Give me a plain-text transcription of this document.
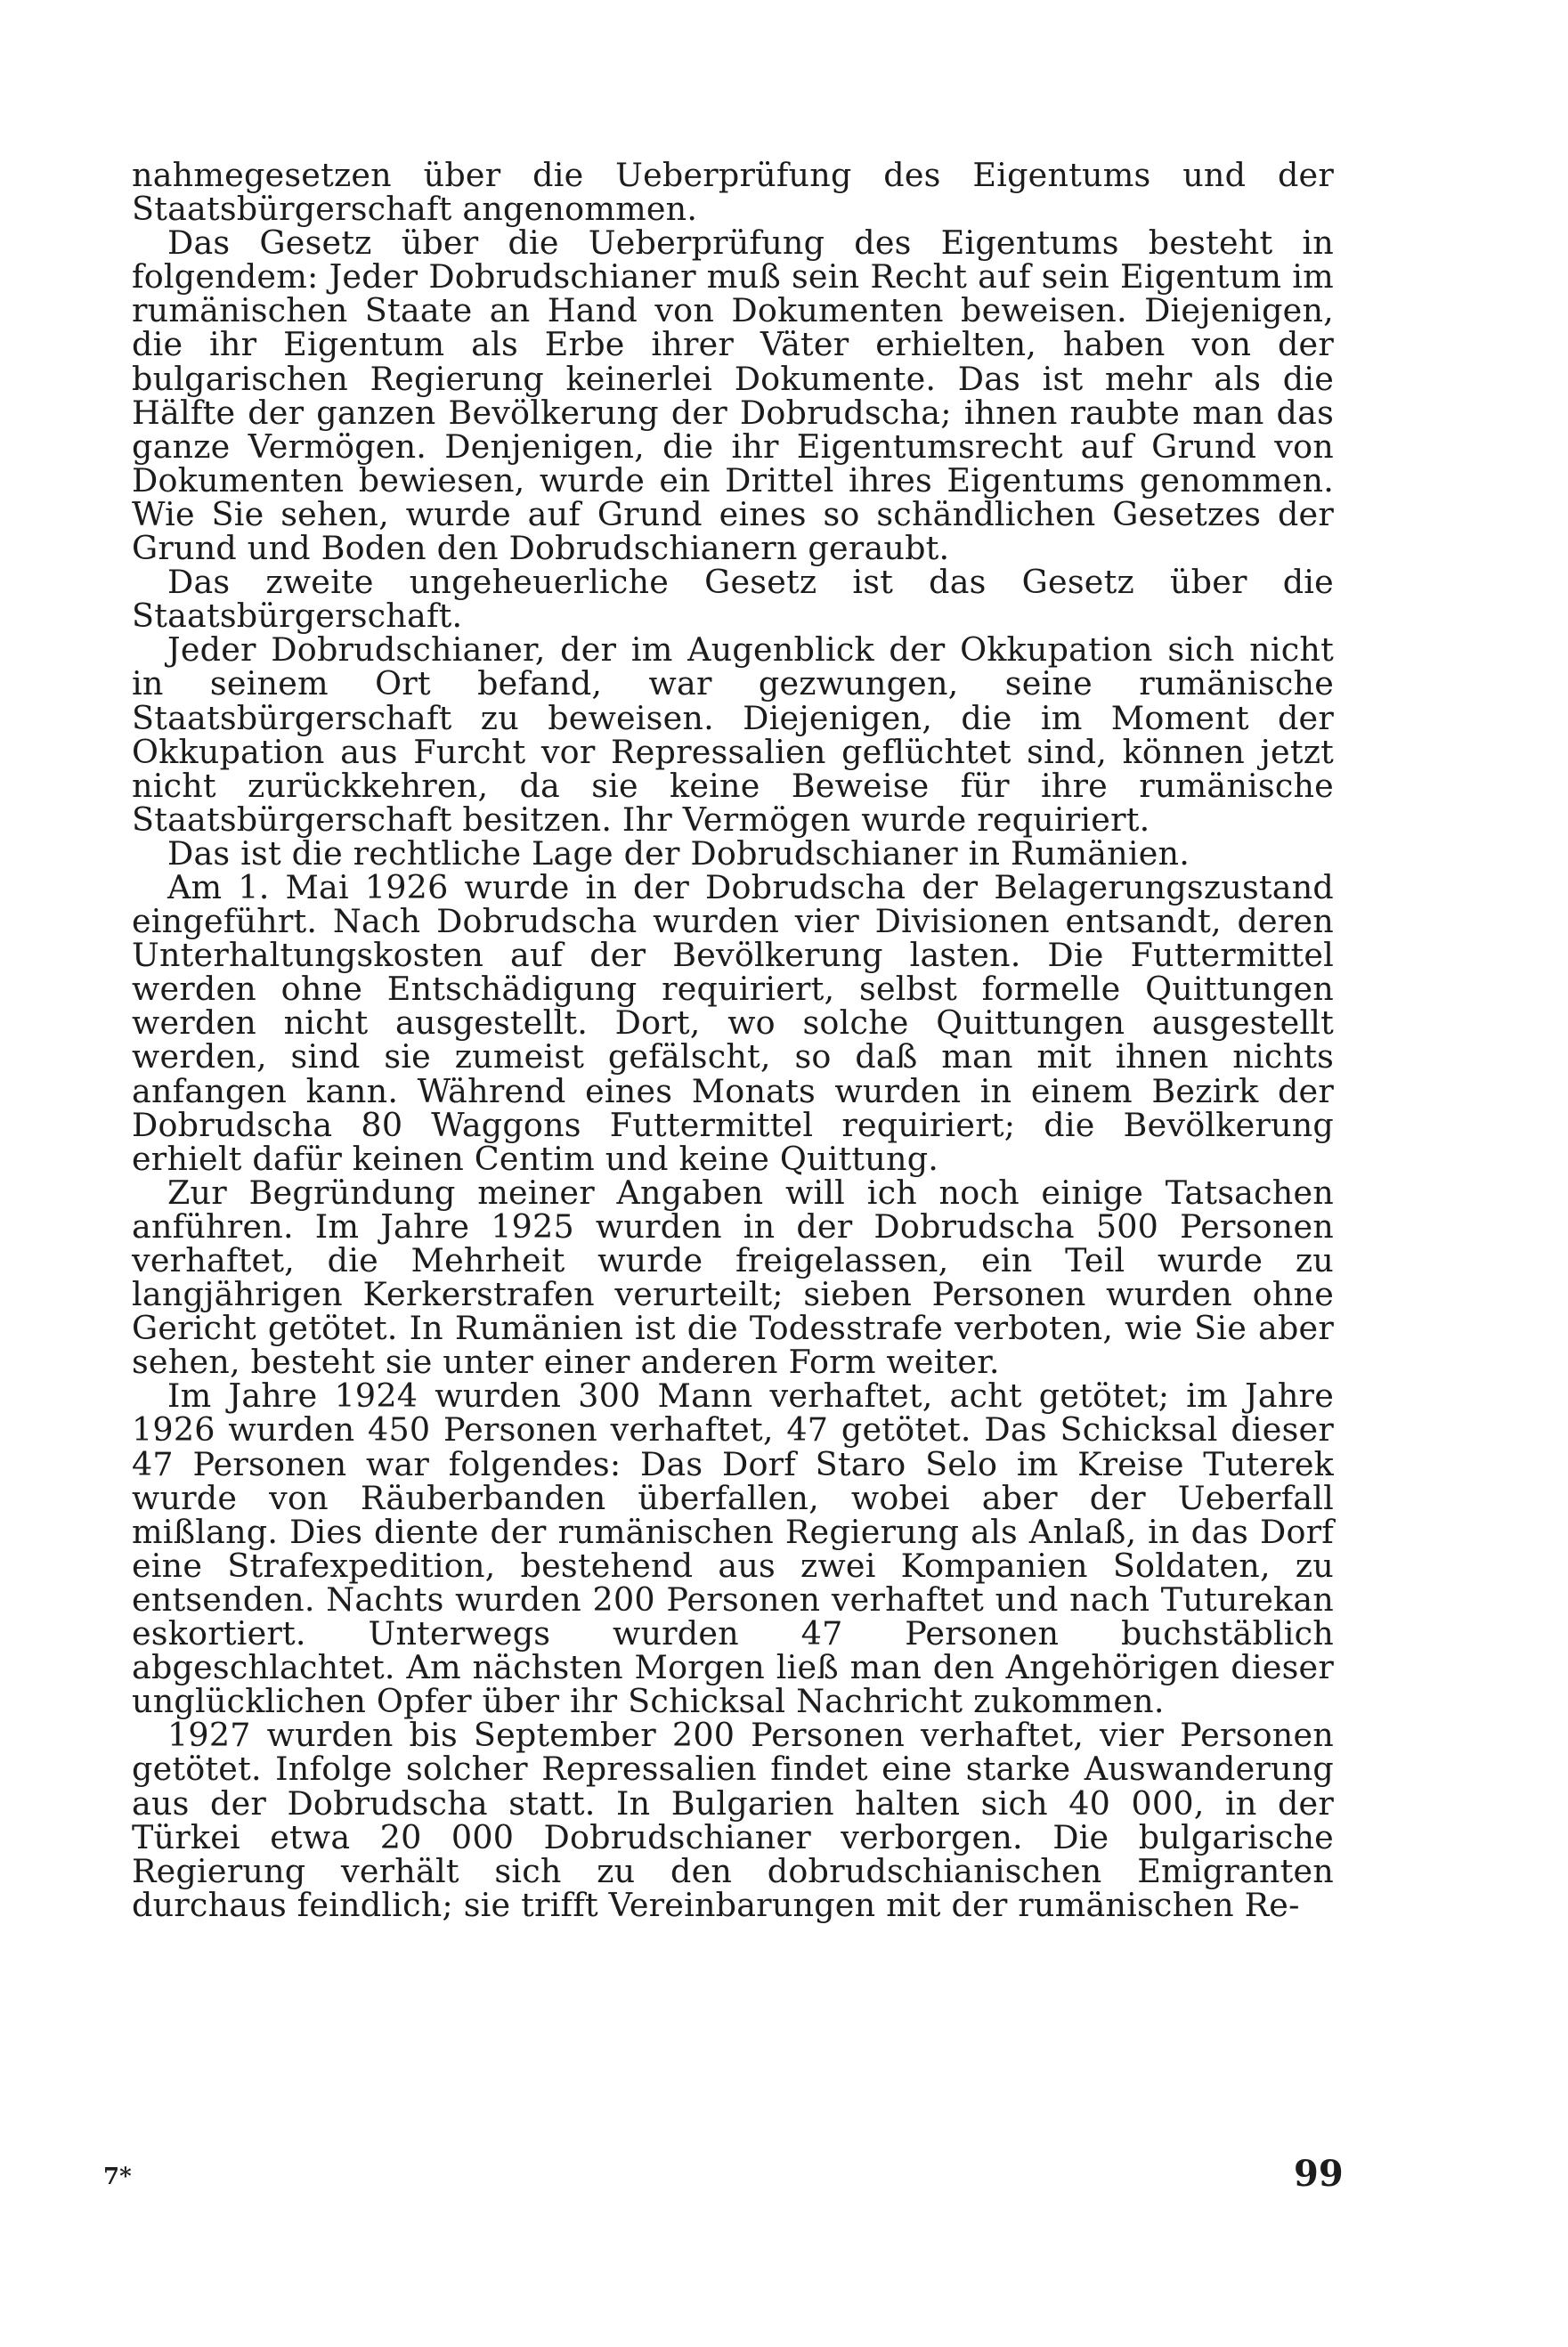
nahmegesetzen über die Ueberprüfung des Eigentums und der Staatsbürgerschaft angenommen.

Das Gesetz über die Ueberprüfung des Eigentums besteht in folgendem: Jeder Dobrudschianer muß sein Recht auf sein Eigentum im rumänischen Staate an Hand von Dokumenten beweisen. Diejenigen, die ihr Eigentum als Erbe ihrer Väter erhielten, haben von der bulgarischen Regierung keinerlei Dokumente. Das ist mehr als die Hälfte der ganzen Bevölkerung der Dobrudscha; ihnen raubte man das ganze Vermögen. Denjenigen, die ihr Eigentumsrecht auf Grund von Dokumenten bewiesen, wurde ein Drittel ihres Eigentums genommen. Wie Sie sehen, wurde auf Grund eines so schändlichen Gesetzes der Grund und Boden den Dobrudschianern geraubt.

Das zweite ungeheuerliche Gesetz ist das Gesetz über die Staatsbürgerschaft.

Jeder Dobrudschianer, der im Augenblick der Okkupation sich nicht in seinem Ort befand, war gezwungen, seine rumänische Staatsbürgerschaft zu beweisen. Diejenigen, die im Moment der Okkupation aus Furcht vor Repressalien geflüchtet sind, können jetzt nicht zurückkehren, da sie keine Beweise für ihre rumänische Staatsbürgerschaft besitzen. Ihr Vermögen wurde requiriert.

Das ist die rechtliche Lage der Dobrudschianer in Rumänien.

Am 1. Mai 1926 wurde in der Dobrudscha der Belagerungszustand eingeführt. Nach Dobrudscha wurden vier Divisionen entsandt, deren Unterhaltungskosten auf der Bevölkerung lasten. Die Futtermittel werden ohne Entschädigung requiriert, selbst formelle Quittungen werden nicht ausgestellt. Dort, wo solche Quittungen ausgestellt werden, sind sie zumeist gefälscht, so daß man mit ihnen nichts anfangen kann. Während eines Monats wurden in einem Bezirk der Dobrudscha 80 Waggons Futtermittel requiriert; die Bevölkerung erhielt dafür keinen Centim und keine Quittung.

Zur Begründung meiner Angaben will ich noch einige Tatsachen anführen. Im Jahre 1925 wurden in der Dobrudscha 500 Personen verhaftet, die Mehrheit wurde freigelassen, ein Teil wurde zu langjährigen Kerkerstrafen verurteilt; sieben Personen wurden ohne Gericht getötet. In Rumänien ist die Todesstrafe verboten, wie Sie aber sehen, besteht sie unter einer anderen Form weiter.

Im Jahre 1924 wurden 300 Mann verhaftet, acht getötet; im Jahre 1926 wurden 450 Personen verhaftet, 47 getötet. Das Schicksal dieser 47 Personen war folgendes: Das Dorf Staro Selo im Kreise Tuterek wurde von Räuberbanden überfallen, wobei aber der Ueberfall mißlang. Dies diente der rumänischen Regierung als Anlaß, in das Dorf eine Strafexpedition, bestehend aus zwei Kompanien Soldaten, zu entsenden. Nachts wurden 200 Personen verhaftet und nach Tuturekan eskortiert. Unterwegs wurden 47 Personen buchstäblich abgeschlachtet. Am nächsten Morgen ließ man den Angehörigen dieser unglücklichen Opfer über ihr Schicksal Nachricht zukommen.

1927 wurden bis September 200 Personen verhaftet, vier Personen getötet. Infolge solcher Repressalien findet eine starke Auswanderung aus der Dobrudscha statt. In Bulgarien halten sich 40 000, in der Türkei etwa 20 000 Dobrudschianer verborgen. Die bulgarische Regierung verhält sich zu den dobrudschianischen Emigranten durchaus feindlich; sie trifft Vereinbarungen mit der rumänischen Re-

7*	99
